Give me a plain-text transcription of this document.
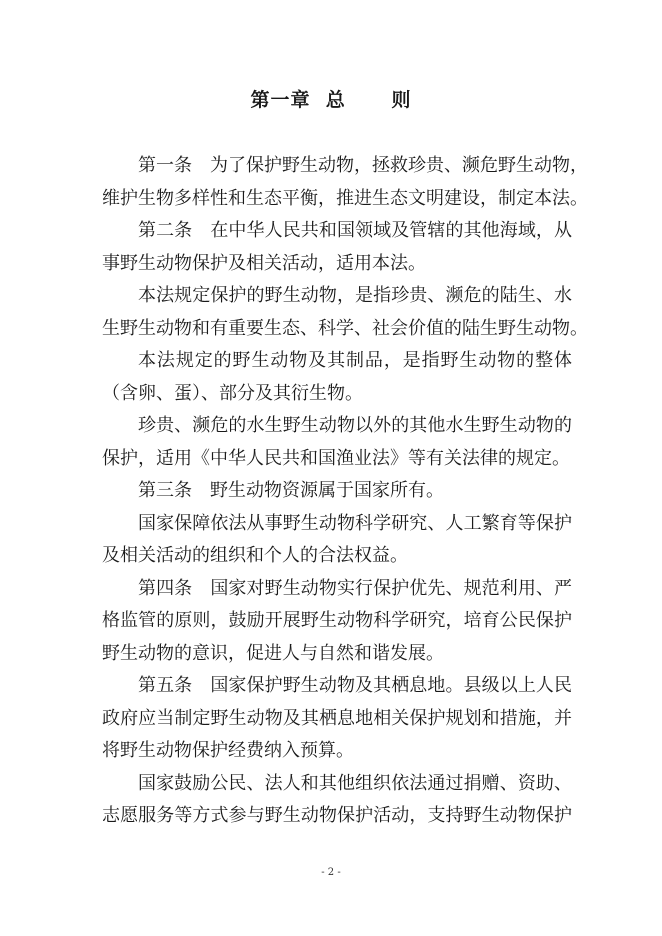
第一章  总      则

第一条　为了保护野生动物，拯救珍贵、濒危野生动物，
维护生物多样性和生态平衡，推进生态文明建设，制定本法。

第二条　在中华人民共和国领域及管辖的其他海域，从
事野生动物保护及相关活动，适用本法。

本法规定保护的野生动物，是指珍贵、濒危的陆生、水
生野生动物和有重要生态、科学、社会价值的陆生野生动物。

本法规定的野生动物及其制品，是指野生动物的整体
（含卵、蛋）、部分及其衍生物。

珍贵、濒危的水生野生动物以外的其他水生野生动物的
保护，适用《中华人民共和国渔业法》等有关法律的规定。

第三条　野生动物资源属于国家所有。

国家保障依法从事野生动物科学研究、人工繁育等保护
及相关活动的组织和个人的合法权益。

第四条　国家对野生动物实行保护优先、规范利用、严
格监管的原则，鼓励开展野生动物科学研究，培育公民保护
野生动物的意识，促进人与自然和谐发展。

第五条　国家保护野生动物及其栖息地。县级以上人民
政府应当制定野生动物及其栖息地相关保护规划和措施，并
将野生动物保护经费纳入预算。

国家鼓励公民、法人和其他组织依法通过捐赠、资助、
志愿服务等方式参与野生动物保护活动，支持野生动物保护

- 2 -
